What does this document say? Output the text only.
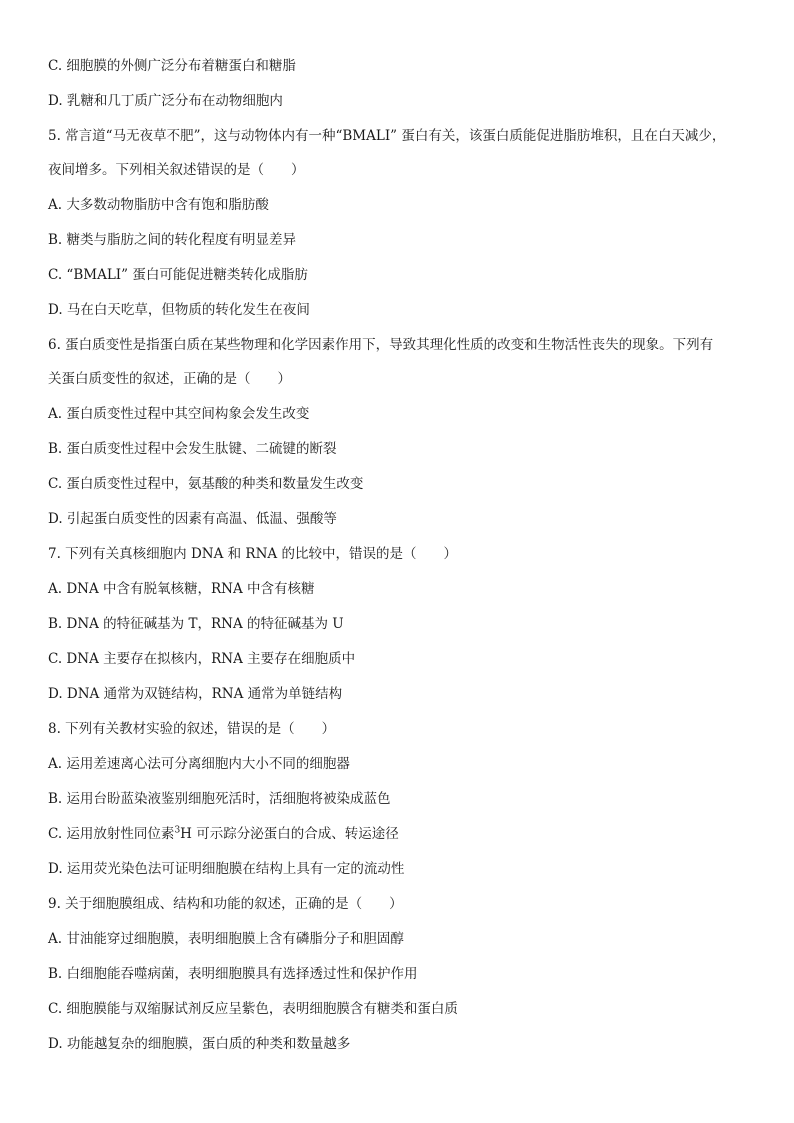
C. 细胞膜的外侧广泛分布着糖蛋白和糖脂
D. 乳糖和几丁质广泛分布在动物细胞内
5. 常言道“马无夜草不肥”，这与动物体内有一种“BMALI” 蛋白有关，该蛋白质能促进脂肪堆积，且在白天减少，
夜间增多。下列相关叙述错误的是（　　）
A. 大多数动物脂肪中含有饱和脂肪酸
B. 糖类与脂肪之间的转化程度有明显差异
C. “BMALI” 蛋白可能促进糖类转化成脂肪
D. 马在白天吃草，但物质的转化发生在夜间
6. 蛋白质变性是指蛋白质在某些物理和化学因素作用下，导致其理化性质的改变和生物活性丧失的现象。下列有
关蛋白质变性的叙述，正确的是（　　）
A. 蛋白质变性过程中其空间构象会发生改变
B. 蛋白质变性过程中会发生肽键、二硫键的断裂
C. 蛋白质变性过程中，氨基酸的种类和数量发生改变
D. 引起蛋白质变性的因素有高温、低温、强酸等
7. 下列有关真核细胞内 DNA 和 RNA 的比较中，错误的是（　　）
A. DNA 中含有脱氧核糖，RNA 中含有核糖
B. DNA 的特征碱基为 T，RNA 的特征碱基为 U
C. DNA 主要存在拟核内，RNA 主要存在细胞质中
D. DNA 通常为双链结构，RNA 通常为单链结构
8. 下列有关教材实验的叙述，错误的是（　　）
A. 运用差速离心法可分离细胞内大小不同的细胞器
B. 运用台盼蓝染液鉴别细胞死活时，活细胞将被染成蓝色
C. 运用放射性同位素$^3$H 可示踪分泌蛋白的合成、转运途径
D. 运用荧光染色法可证明细胞膜在结构上具有一定的流动性
9. 关于细胞膜组成、结构和功能的叙述，正确的是（　　）
A. 甘油能穿过细胞膜，表明细胞膜上含有磷脂分子和胆固醇
B. 白细胞能吞噬病菌，表明细胞膜具有选择透过性和保护作用
C. 细胞膜能与双缩脲试剂反应呈紫色，表明细胞膜含有糖类和蛋白质
D. 功能越复杂的细胞膜，蛋白质的种类和数量越多
